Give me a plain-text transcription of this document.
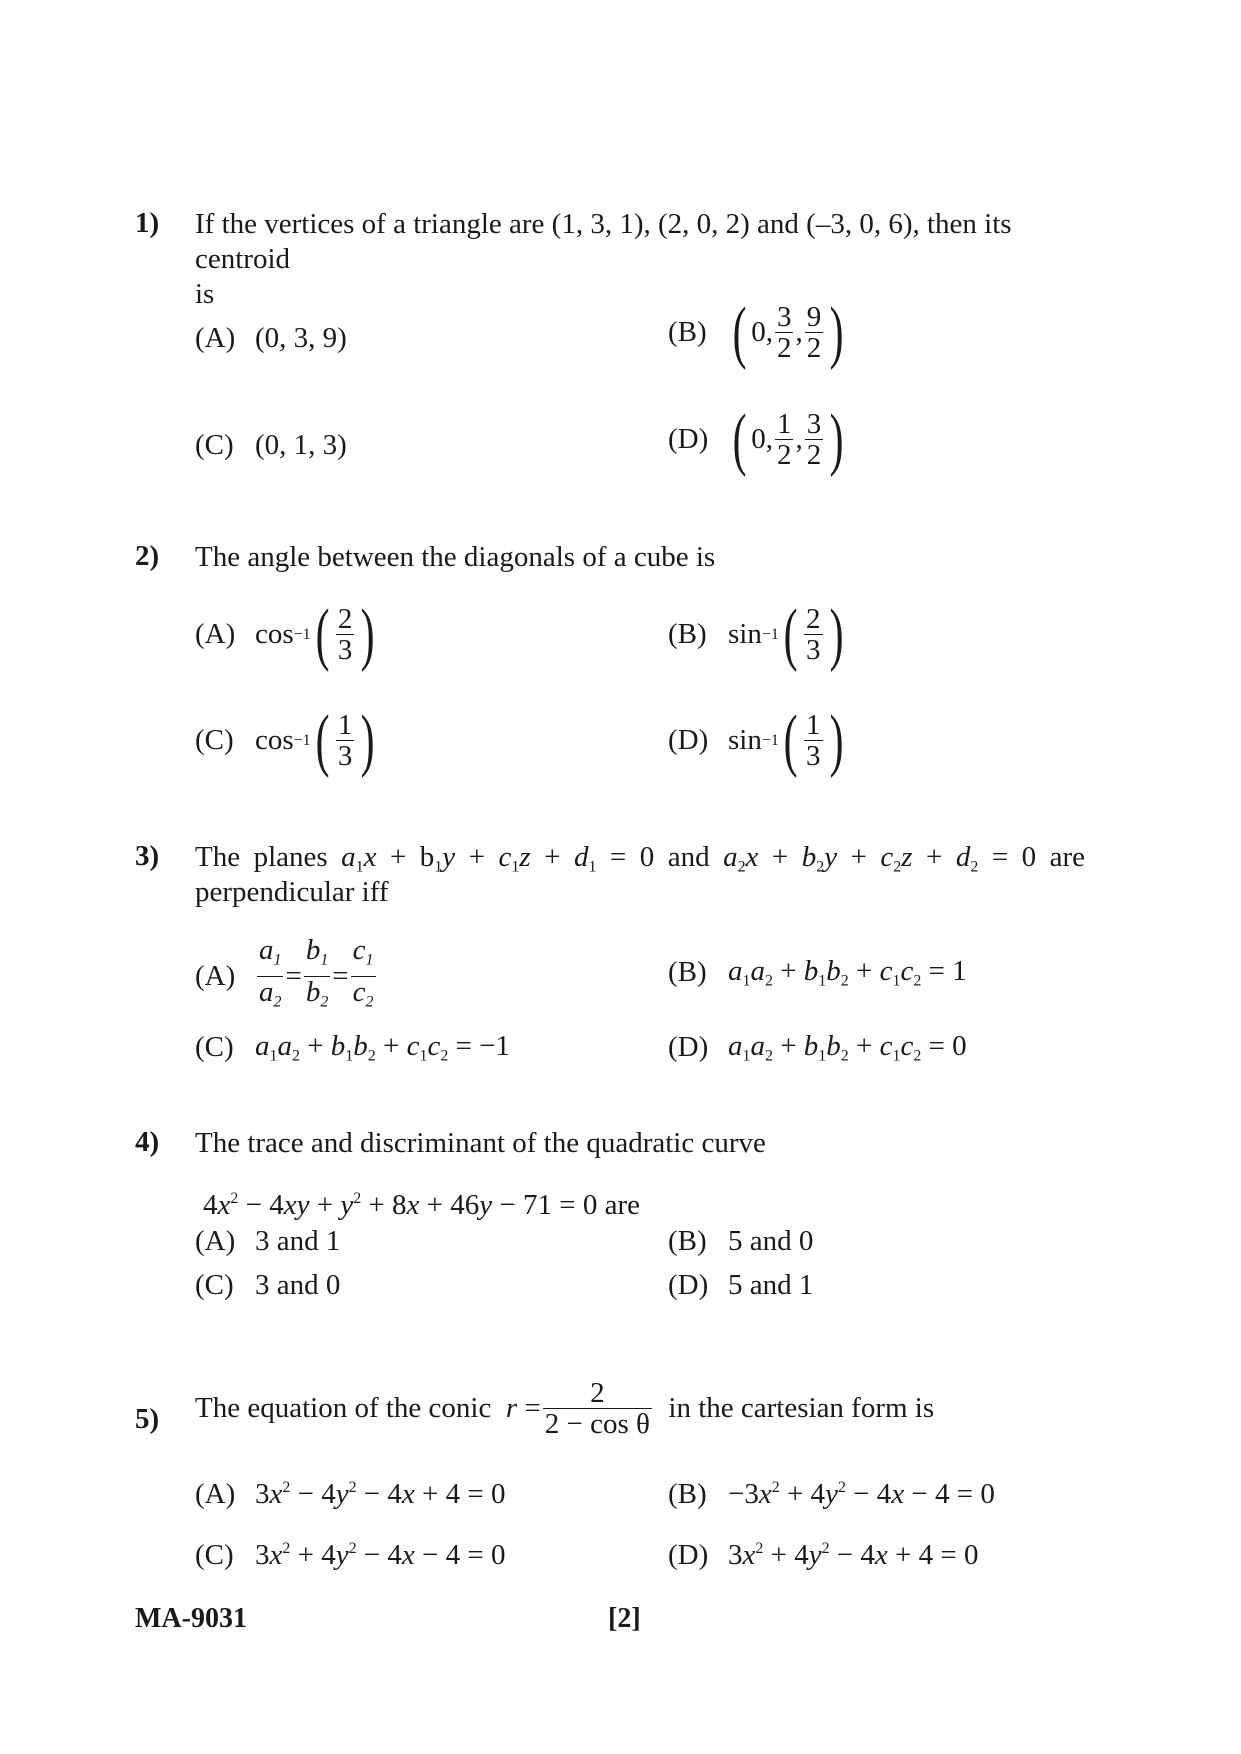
1) If the vertices of a triangle are (1, 3, 1), (2, 0, 2) and (–3, 0, 6), then its centroid
is
(A) (0, 3, 9)	(B) ( 0, $\frac{3}{2}$ , $\frac{9}{2}$ )
(C) (0, 1, 3)	(D) ( 0, $\frac{1}{2}$ , $\frac{3}{2}$ )
2) The angle between the diagonals of a cube is
(A) cos −1 ( $\frac{2}{3}$ )	(B) sin −1 ( $\frac{2}{3}$ )
(C) cos −1 ( $\frac{1}{3}$ )	(D) sin −1 ( $\frac{1}{3}$ )
3) The planes $a_1x + b_1y + c_1z + d_1 = 0$ and $a_2x + b_2y + c_2z + d_2 = 0$ are
perpendicular iff
$(A) \frac{a_1}{a_2} = \frac{b_1}{b_2} = \frac{c_1}{c_2}$	(B) $a_1a_2 + b_1b_2 + c_1c_2 = 1$
(C) $a_1a_2 + b_1b_2 + c_1c_2 = -1$	(D) $a_1a_2 + b_1b_2 + c_1c_2 = 0$
4) The trace and discriminant of the quadratic curve
$4x^2 - 4xy + y^2 + 8x + 46y - 71 = 0$ are
(A) 3 and 1	(B) 5 and 0
(C) 3 and 0	(D) 5 and 1
5) The equation of the conic
$r = \frac{2}{\text{2 − cos θ}}$
in the cartesian form is
(A) $3x^2 - 4y^2 - 4x + 4 = 0$	$(B) -3x^2 + 4y^2 - 4x - 4 = 0$
(C) $3x^2 + 4y^2 - 4x - 4 = 0$	(D) $3x^2 + 4y^2 - 4x + 4 = 0$
MA-9031	[2]
